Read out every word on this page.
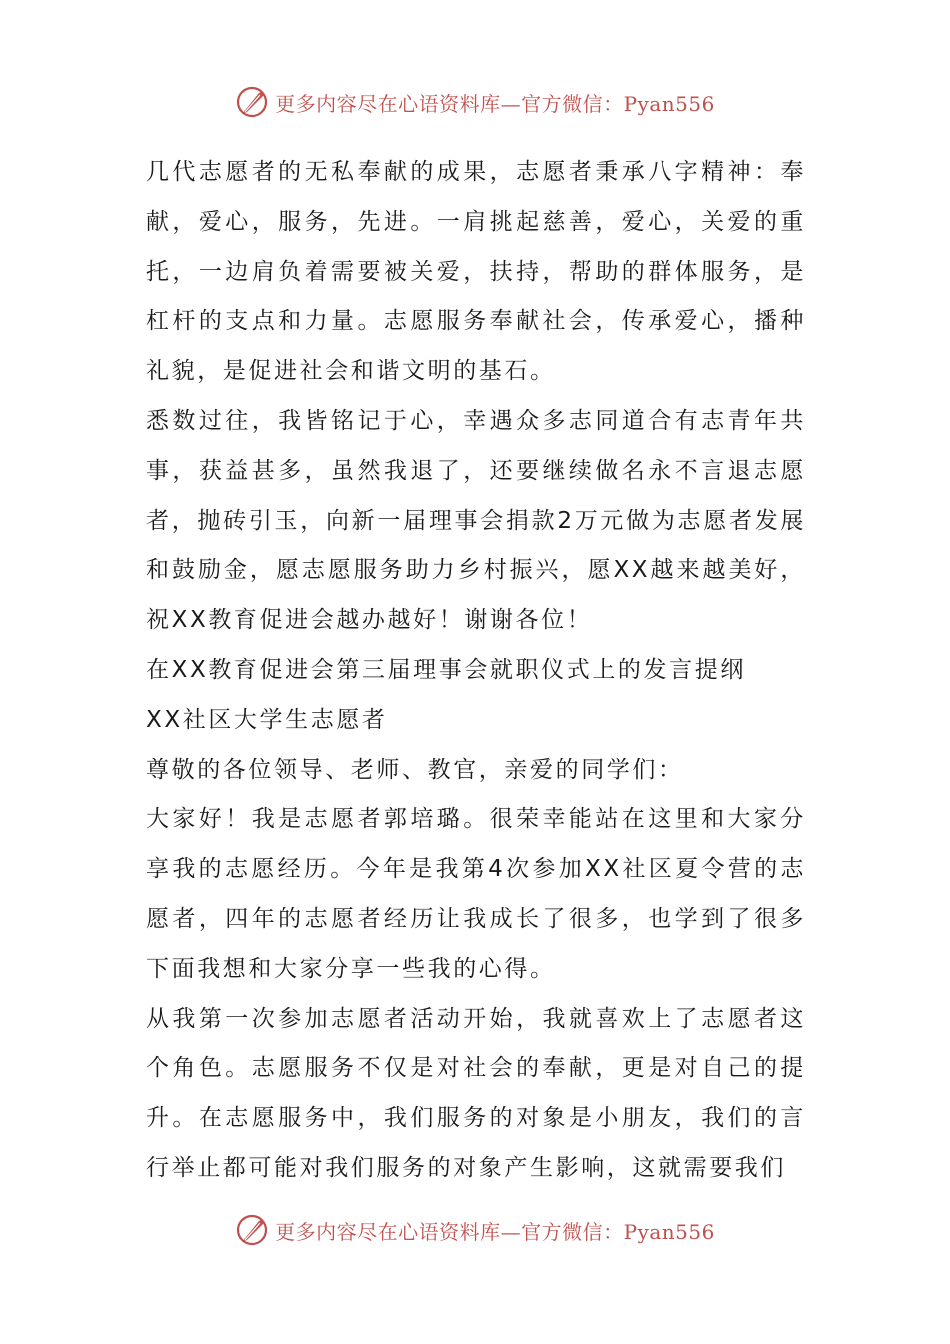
更多内容尽在心语资料库—官方微信：Pyan556

几代志愿者的无私奉献的成果，志愿者秉承八字精神：奉献，爱心，服务，先进。一肩挑起慈善，爱心，关爱的重托，一边肩负着需要被关爱，扶持，帮助的群体服务，是杠杆的支点和力量。志愿服务奉献社会，传承爱心，播种礼貌，是促进社会和谐文明的基石。

悉数过往，我皆铭记于心，幸遇众多志同道合有志青年共事，获益甚多，虽然我退了，还要继续做名永不言退志愿者，抛砖引玉，向新一届理事会捐款2万元做为志愿者发展和鼓励金，愿志愿服务助力乡村振兴，愿XX越来越美好，祝XX教育促进会越办越好！谢谢各位！

在XX教育促进会第三届理事会就职仪式上的发言提纲

XX社区大学生志愿者

尊敬的各位领导、老师、教官，亲爱的同学们：

大家好！我是志愿者郭培璐。很荣幸能站在这里和大家分享我的志愿经历。今年是我第4次参加XX社区夏令营的志愿者，四年的志愿者经历让我成长了很多，也学到了很多下面我想和大家分享一些我的心得。

从我第一次参加志愿者活动开始，我就喜欢上了志愿者这个角色。志愿服务不仅是对社会的奉献，更是对自己的提升。在志愿服务中，我们服务的对象是小朋友，我们的言行举止都可能对我们服务的对象产生影响，这就需要我们

更多内容尽在心语资料库—官方微信：Pyan556
